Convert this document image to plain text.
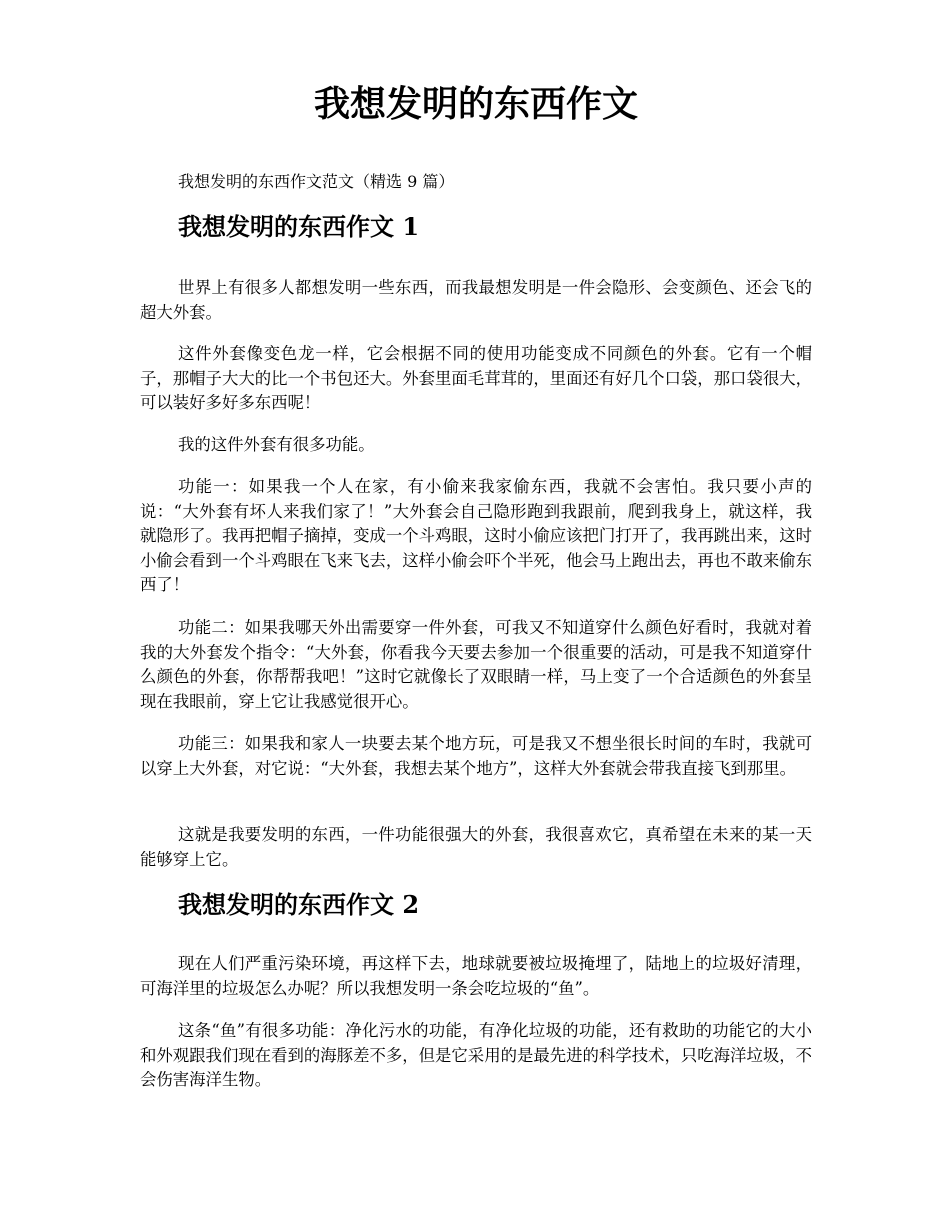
我想发明的东西作文

我想发明的东西作文范文（精选 9 篇）

我想发明的东西作文 1

世界上有很多人都想发明一些东西，而我最想发明是一件会隐形、会变颜色、还会飞的超大外套。

这件外套像变色龙一样，它会根据不同的使用功能变成不同颜色的外套。它有一个帽子，那帽子大大的比一个书包还大。外套里面毛茸茸的，里面还有好几个口袋，那口袋很大，可以装好多好多东西呢！

我的这件外套有很多功能。

功能一：如果我一个人在家，有小偷来我家偷东西，我就不会害怕。我只要小声的说：“大外套有坏人来我们家了！”大外套会自己隐形跑到我跟前，爬到我身上，就这样，我就隐形了。我再把帽子摘掉，变成一个斗鸡眼，这时小偷应该把门打开了，我再跳出来，这时小偷会看到一个斗鸡眼在飞来飞去，这样小偷会吓个半死，他会马上跑出去，再也不敢来偷东西了！

功能二：如果我哪天外出需要穿一件外套，可我又不知道穿什么颜色好看时，我就对着我的大外套发个指令：“大外套，你看我今天要去参加一个很重要的活动，可是我不知道穿什么颜色的外套，你帮帮我吧！”这时它就像长了双眼睛一样，马上变了一个合适颜色的外套呈现在我眼前，穿上它让我感觉很开心。

功能三：如果我和家人一块要去某个地方玩，可是我又不想坐很长时间的车时，我就可以穿上大外套，对它说：“大外套，我想去某个地方”，这样大外套就会带我直接飞到那里。

这就是我要发明的东西，一件功能很强大的外套，我很喜欢它，真希望在未来的某一天能够穿上它。

我想发明的东西作文 2

现在人们严重污染环境，再这样下去，地球就要被垃圾掩埋了，陆地上的垃圾好清理，可海洋里的垃圾怎么办呢？所以我想发明一条会吃垃圾的“鱼”。

这条“鱼”有很多功能：净化污水的功能，有净化垃圾的功能，还有救助的功能它的大小和外观跟我们现在看到的海豚差不多，但是它采用的是最先进的科学技术，只吃海洋垃圾，不会伤害海洋生物。
